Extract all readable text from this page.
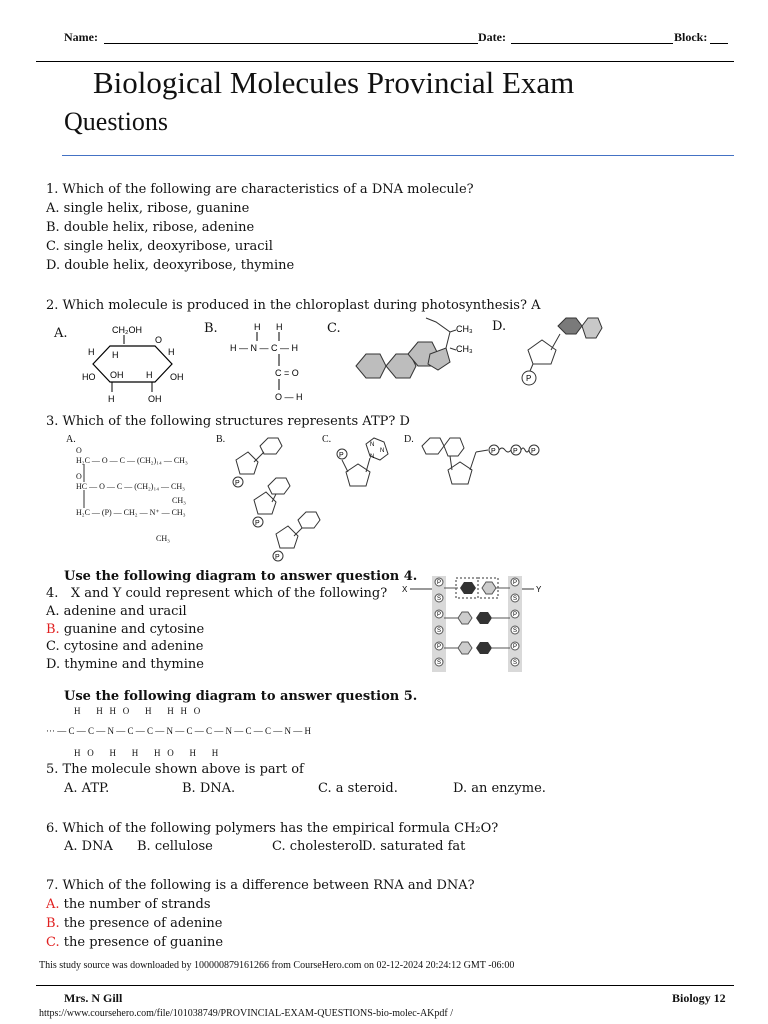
Name:	Date:	Block:
Biological Molecules Provincial Exam
Questions
1. Which of the following are characteristics of a DNA molecule?
A. single helix, ribose, guanine
B. double helix, ribose, adenine
C. single helix, deoxyribose, uracil
D. double helix, deoxyribose, thymine
2. Which molecule is produced in the chloroplast during photosynthesis? A
A.	B.	C.	D.
CH₂OH
O
H	H
H
HO OH	H OH
H	OH
H H
H — N — C — H
C = O
O — H
CH₃
CH₃
P
3. Which of the following structures represents ATP? D
A.	B.	C.	D.
O
H₂C — O — C — (CH₂)₁₄ — CH₃
O
HC — O — C — (CH₂)₁₄ — CH₃
H₂C — (P) — CH₂ — N⁺ — CH₃
CH₃
CH₃
P
P
P
N
N
N
P
P P P
Use the following diagram to answer question 4.
4. X and Y could represent which of the following?
A. adenine and uracil
B. guanine and cytosine
C. cytosine and adenine
D. thymine and thymine
X	Y
P
S
P
S
P
S
P
S
P
S
P
S
Use the following diagram to answer question 5.
H       H   H   O       H       H   H   O
··· — C — C — N — C — C — N — C — C — N — C — C — N — H
H   O       H       H       H   O       H       H
5. The molecule shown above is part of
A. ATP.	B. DNA.	C. a steroid.	D. an enzyme.
6. Which of the following polymers has the empirical formula CH₂O?
A. DNA B. cellulose	C. cholesterol D. saturated fat
7. Which of the following is a difference between RNA and DNA?
A. the number of strands
B. the presence of adenine
C. the presence of guanine
This study source was downloaded by 100000879161266 from CourseHero.com on 02-12-2024 20:24:12 GMT -06:00
Mrs. N Gill	Biology 12
https://www.coursehero.com/file/101038749/PROVINCIAL-EXAM-QUESTIONS-bio-molec-AKpdf /
